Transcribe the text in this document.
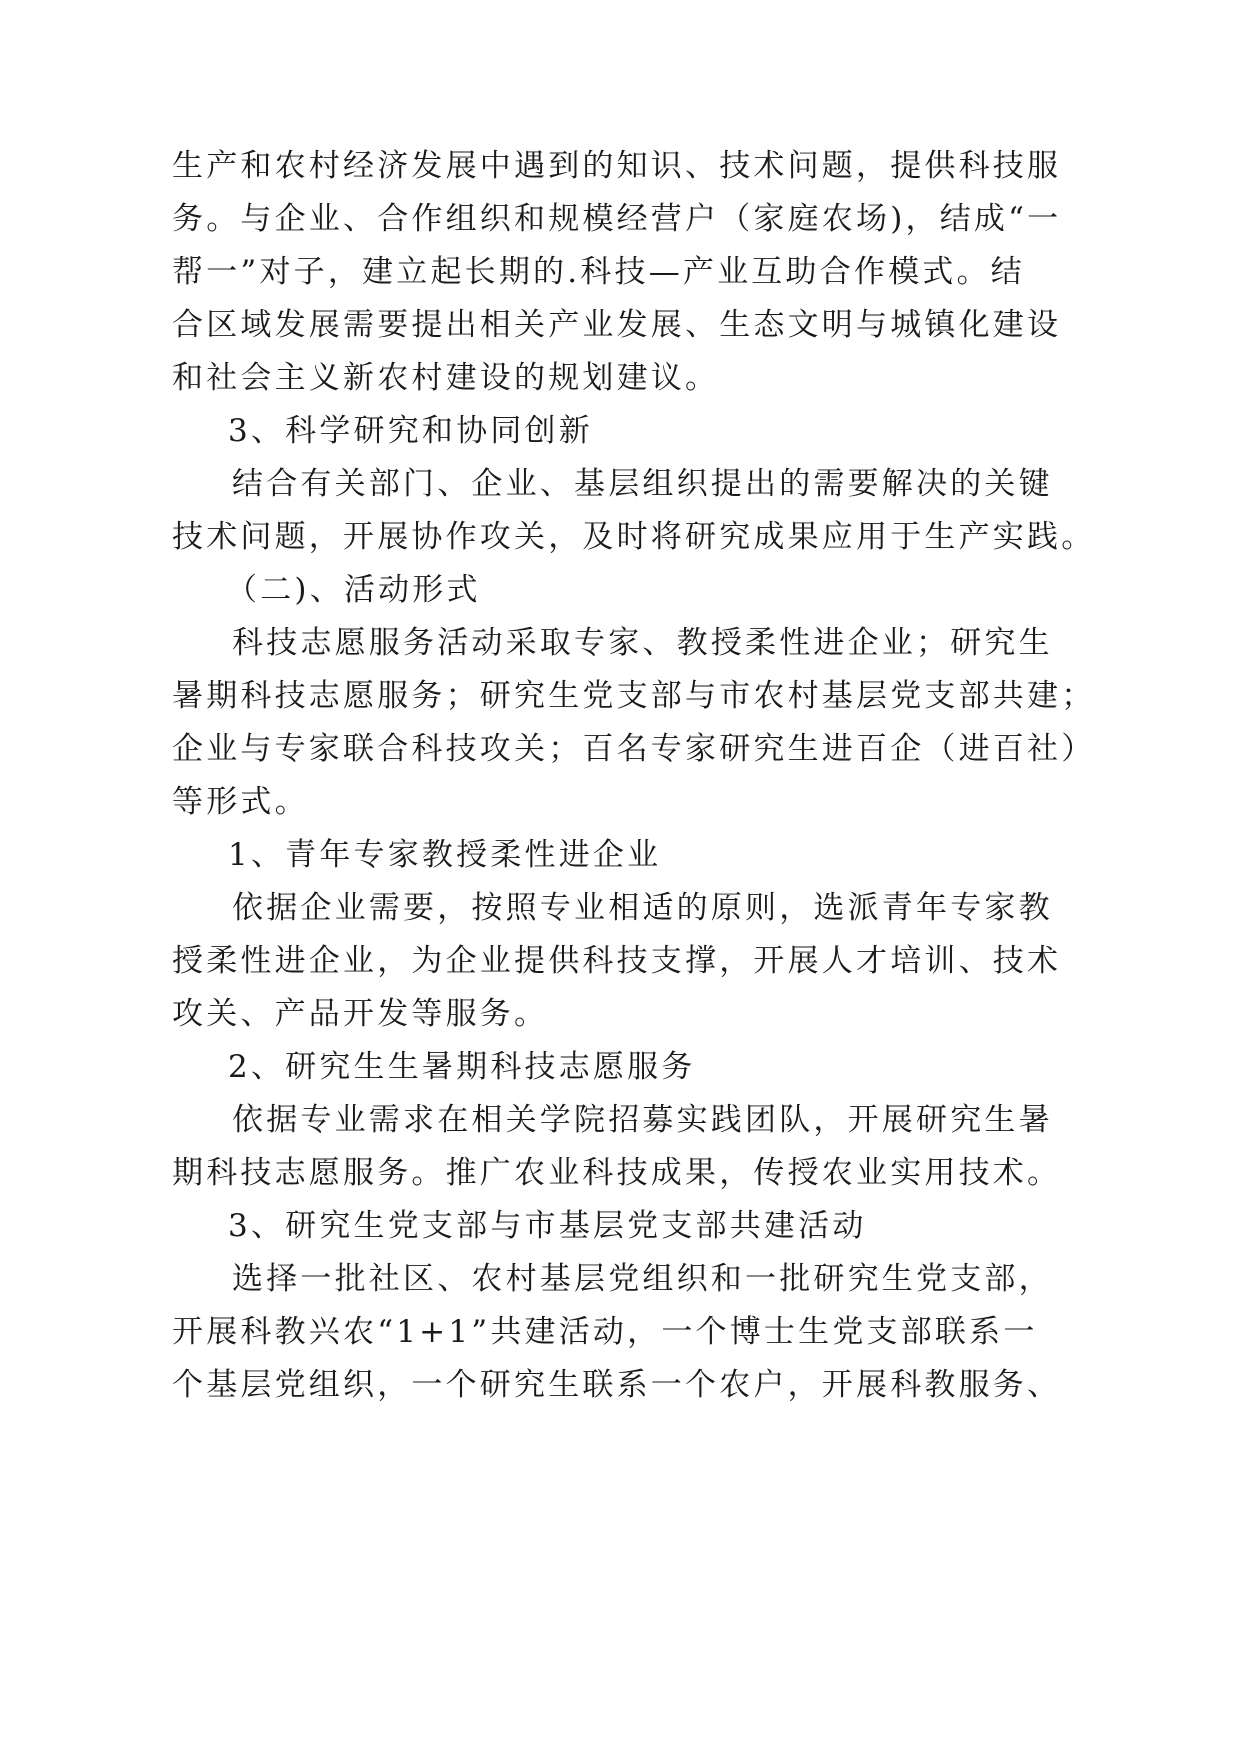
生产和农村经济发展中遇到的知识、技术问题，提供科技服
务。与企业、合作组织和规模经营户（家庭农场)，结成“一
帮一”对子，建立起长期的.科技—产业互助合作模式。结
合区域发展需要提出相关产业发展、生态文明与城镇化建设
和社会主义新农村建设的规划建议。
3、科学研究和协同创新
结合有关部门、企业、基层组织提出的需要解决的关键
技术问题，开展协作攻关，及时将研究成果应用于生产实践。
（二)、活动形式
科技志愿服务活动采取专家、教授柔性进企业；研究生
暑期科技志愿服务；研究生党支部与市农村基层党支部共建；
企业与专家联合科技攻关；百名专家研究生进百企（进百社）
等形式。
1、青年专家教授柔性进企业
依据企业需要，按照专业相适的原则，选派青年专家教
授柔性进企业，为企业提供科技支撑，开展人才培训、技术
攻关、产品开发等服务。
2、研究生生暑期科技志愿服务
依据专业需求在相关学院招募实践团队，开展研究生暑
期科技志愿服务。推广农业科技成果，传授农业实用技术。
3、研究生党支部与市基层党支部共建活动
选择一批社区、农村基层党组织和一批研究生党支部，
开展科教兴农“1+1”共建活动，一个博士生党支部联系一
个基层党组织，一个研究生联系一个农户，开展科教服务、
